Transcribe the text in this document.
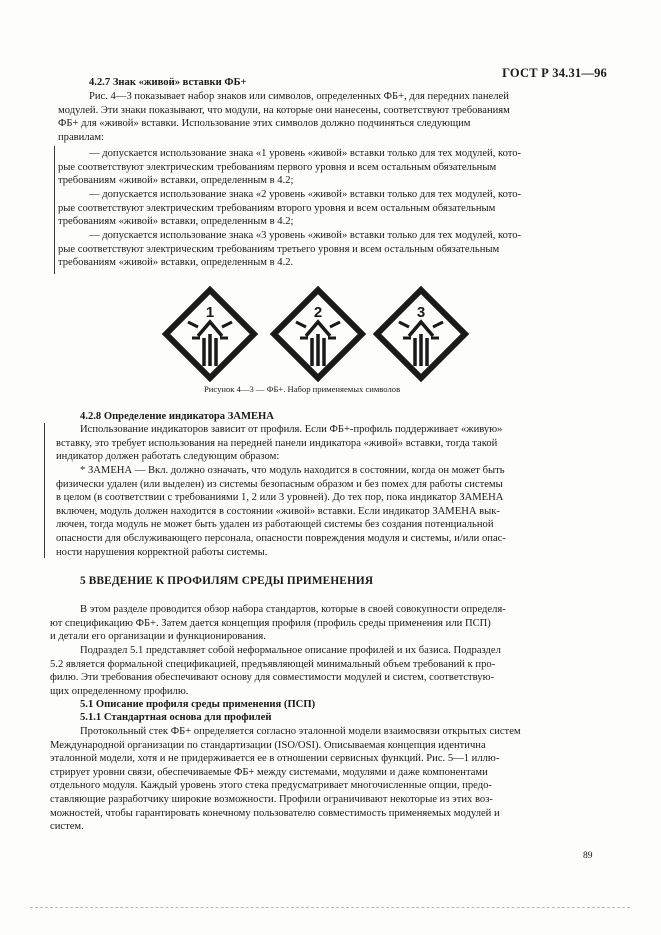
ГОСТ Р 34.31—96
4.2.7 Знак «живой» вставки ФБ+
Рис. 4—3 показывает набор знаков или символов, определенных ФБ+, для передних панелей
модулей. Эти знаки показывают, что модули, на которые они нанесены, соответствуют требованиям
ФБ+ для «живой» вставки. Использование этих символов должно подчиняться следующим
правилам:
— допускается использование знака «1 уровень «живой» вставки только для тех модулей, кото-
рые соответствуют электрическим требованиям первого уровня и всем остальным обязательным
требованиям «живой» вставки, определенным в 4.2;
— допускается использование знака «2 уровень «живой» вставки только для тех модулей, кото-
рые соответствуют электрическим требованиям второго уровня и всем остальным обязательным
требованиям «живой» вставки, определенным в 4.2;
— допускается использование знака «3 уровень «живой» вставки только для тех модулей, кото-
рые соответствуют электрическим требованиям третьего уровня и всем остальным обязательным
требованиям «живой» вставки, определенным в 4.2.
1	2	3
Рисунок 4—3 — ФБ+. Набор применяемых символов
4.2.8 Определение индикатора ЗАМЕНА
Использование индикаторов зависит от профиля. Если ФБ+-профиль поддерживает «живую»
вставку, это требует использования на передней панели индикатора «живой» вставки, тогда такой
индикатор должен работать следующим образом:
* ЗАМЕНА — Вкл. должно означать, что модуль находится в состоянии, когда он может быть
физически удален (или выделен) из системы безопасным образом и без помех для работы системы
в целом (в соответствии с требованиями 1, 2 или 3 уровней). До тех пор, пока индикатор ЗАМЕНА
включен, модуль должен находится в состоянии «живой» вставки. Если индикатор ЗАМЕНА вык-
лючен, тогда модуль не может быть удален из работающей системы без создания потенциальной
опасности для обслуживающего персонала, опасности повреждения модуля и системы, и/или опас-
ности нарушения корректной работы системы.
5 ВВЕДЕНИЕ К ПРОФИЛЯМ СРЕДЫ ПРИМЕНЕНИЯ
В этом разделе проводится обзор набора стандартов, которые в своей совокупности определя-
ют спецификацию ФБ+. Затем дается концепция профиля (профиль среды применения или ПСП)
и детали его организации и функционирования.
Подраздел 5.1 представляет собой неформальное описание профилей и их базиса. Подраздел
5.2 является формальной спецификацией, предъявляющей минимальный объем требований к про-
филю. Эти требования обеспечивают основу для совместимости модулей и систем, соответствую-
щих определенному профилю.
5.1 Описание профиля среды применения (ПСП)
5.1.1 Стандартная основа для профилей
Протокольный стек ФБ+ определяется согласно эталонной модели взаимосвязи открытых систем
Международной организации по стандартизации (ISO/OSI). Описываемая концепция идентична
эталонной модели, хотя и не придерживается ее в отношении сервисных функций. Рис. 5—1 иллю-
стрирует уровни связи, обеспечиваемые ФБ+ между системами, модулями и даже компонентами
отдельного модуля. Каждый уровень этого стека предусматривает многочисленные опции, предо-
ставляющие разработчику широкие возможности. Профили ограничивают некоторые из этих воз-
можностей, чтобы гарантировать конечному пользователю совместимость применяемых модулей и
систем.
89
